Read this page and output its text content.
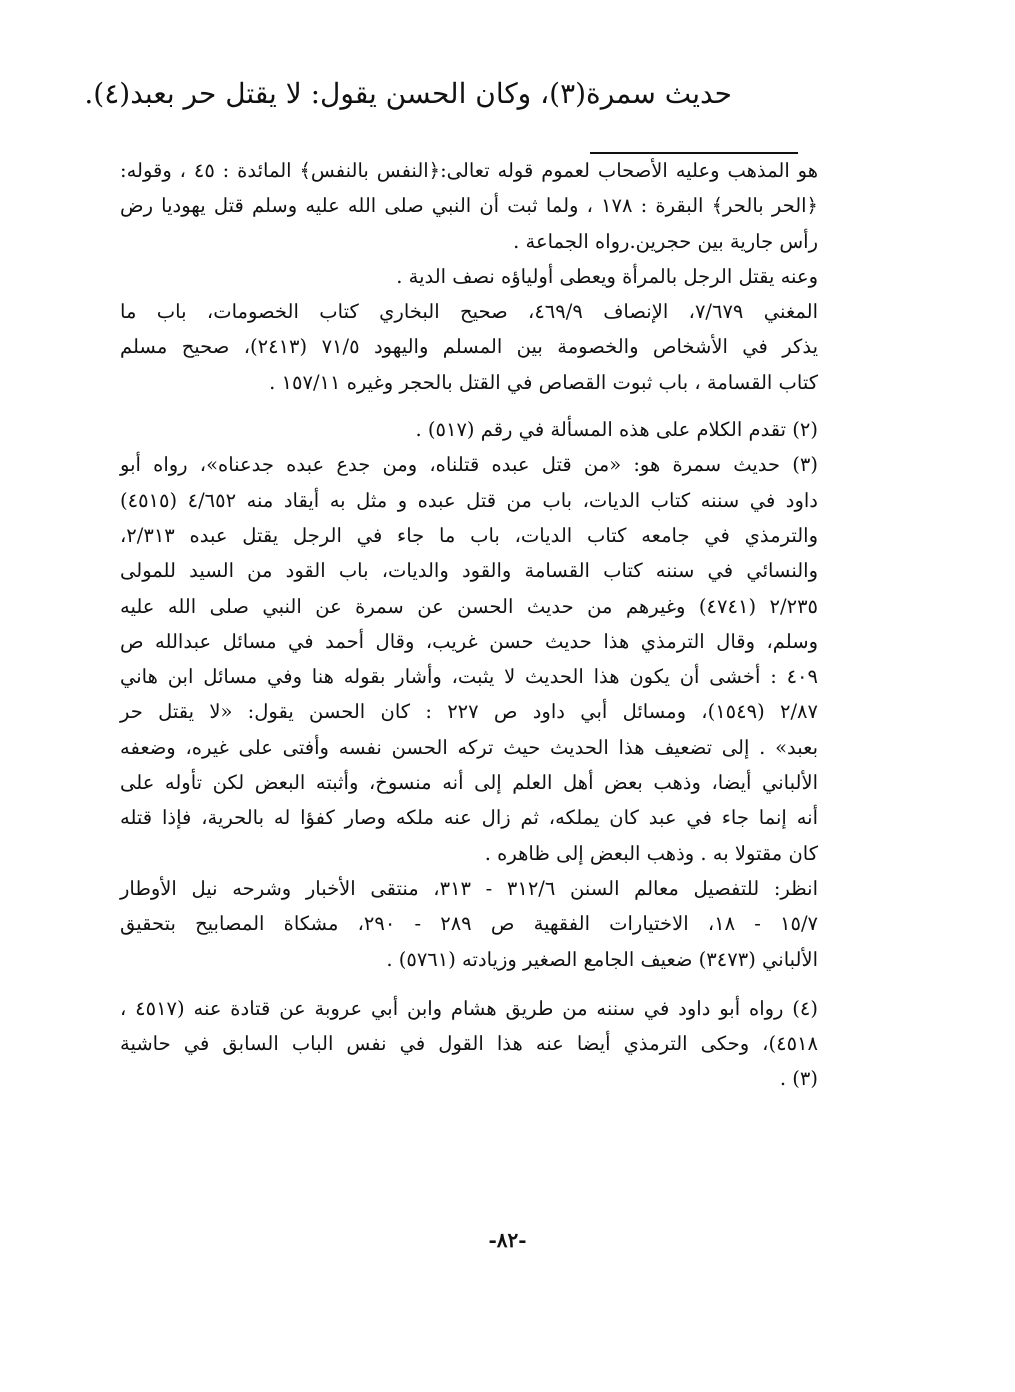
حديث سمرة(٣)، وكان الحسن يقول: لا يقتل حر بعبد(٤).
هو المذهب وعليه الأصحاب لعموم قوله تعالى:﴿النفس بالنفس﴾ المائدة : ٤٥ ، وقوله:
﴿الحر بالحر﴾ البقرة : ١٧٨ ، ولما ثبت أن النبي صلى الله عليه وسلم قتل يهوديا رض
رأس جارية بين حجرين.رواه الجماعة .
وعنه يقتل الرجل بالمرأة ويعطى أولياؤه نصف الدية .
المغني ٧/٦٧٩، الإنصاف ٤٦٩/٩، صحيح البخاري كتاب الخصومات، باب ما
يذكر في الأشخاص والخصومة بين المسلم واليهود ٧١/٥ (٢٤١٣)، صحيح مسلم
كتاب القسامة ، باب ثبوت القصاص في القتل بالحجر وغيره ١٥٧/١١ .
(٢) تقدم الكلام على هذه المسألة في رقم (٥١٧) .
(٣) حديث سمرة هو: «من قتل عبده قتلناه، ومن جدع عبده جدعناه»، رواه أبو
داود في سننه كتاب الديات، باب من قتل عبده و مثل به أيقاد منه ٤/٦٥٢ (٤٥١٥)
والترمذي في جامعه كتاب الديات، باب ما جاء في الرجل يقتل عبده ٢/٣١٣،
والنسائي في سننه كتاب القسامة والقود والديات، باب القود من السيد للمولى
٢/٢٣٥ (٤٧٤١) وغيرهم من حديث الحسن عن سمرة عن النبي صلى الله عليه
وسلم، وقال الترمذي هذا حديث حسن غريب، وقال أحمد في مسائل عبدالله ص
٤٠٩ : أخشى أن يكون هذا الحديث لا يثبت، وأشار بقوله هنا وفي مسائل ابن هاني
٢/٨٧ (١٥٤٩)، ومسائل أبي داود ص ٢٢٧ : كان الحسن يقول: «لا يقتل حر
بعبد» . إلى تضعيف هذا الحديث حيث تركه الحسن نفسه وأفتى على غيره، وضعفه
الألباني أيضا، وذهب بعض أهل العلم إلى أنه منسوخ، وأثبته البعض لكن تأوله على
أنه إنما جاء في عبد كان يملكه، ثم زال عنه ملكه وصار كفؤا له بالحرية، فإذا قتله
كان مقتولا به . وذهب البعض إلى ظاهره .
انظر: للتفصيل معالم السنن ٣١٢/٦ - ٣١٣، منتقى الأخبار وشرحه نيل الأوطار
١٥/٧ - ١٨، الاختيارات الفقهية ص ٢٨٩ - ٢٩٠، مشكاة المصابيح بتحقيق
الألباني (٣٤٧٣) ضعيف الجامع الصغير وزيادته (٥٧٦١) .
(٤) رواه أبو داود في سننه من طريق هشام وابن أبي عروبة عن قتادة عنه (٤٥١٧ ،
٤٥١٨)، وحكى الترمذي أيضا عنه هذا القول في نفس الباب السابق في حاشية
(٣) .
-٨٢-
